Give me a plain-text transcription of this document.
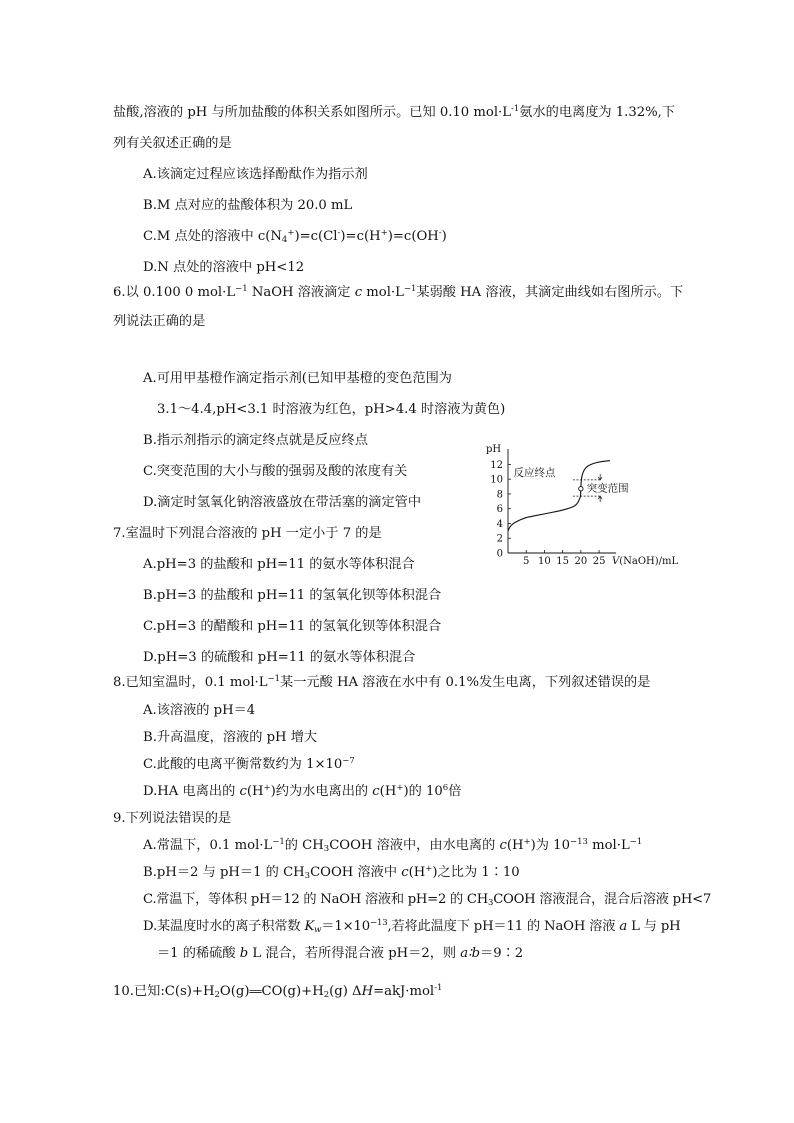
盐酸,溶液的 pH 与所加盐酸的体积关系如图所示。已知 0.10 $mol\cdot L^{-1}$氨水的电离度为 1.32%,下
列有关叙述正确的是
A.该滴定过程应该选择酚酞作为指示剂
B.M 点对应的盐酸体积为 20.0 mL
C.M 点处的溶液中 $c(N_4^+)=c(Cl^-)=c(H^+)=c(OH^-)$
D.N 点处的溶液中 pH<12
6.以 0.100 0 $mol\cdot L^{-1}$ NaOH 溶液滴定 c $mol\cdot L^{-1}$某弱酸 HA 溶液，其滴定曲线如右图所示。下
列说法正确的是
A.可用甲基橙作滴定指示剂(已知甲基橙的变色范围为
3.1～4.4,pH<3.1 时溶液为红色，pH>4.4 时溶液为黄色)
B.指示剂指示的滴定终点就是反应终点
C.突变范围的大小与酸的强弱及酸的浓度有关
D.滴定时氢氧化钠溶液盛放在带活塞的滴定管中
0
2
4
6
8
10
12
5 10 15 20 25
pH
V(NaOH)/mL
反应终点
突变范围
7.室温时下列混合溶液的 pH 一定小于 7 的是
A.pH=3 的盐酸和 pH=11 的氨水等体积混合
B.pH=3 的盐酸和 pH=11 的氢氧化钡等体积混合
C.pH=3 的醋酸和 pH=11 的氢氧化钡等体积混合
D.pH=3 的硫酸和 pH=11 的氨水等体积混合
8.已知室温时，0.1 $mol\cdot L^{-1}$某一元酸 HA 溶液在水中有 0.1%发生电离，下列叙述错误的是
A.该溶液的 pH＝4
B.升高温度，溶液的 pH 增大
C.此酸的电离平衡常数约为 $1\times 10^{-7}$
D.HA 电离出的 c(H+)约为水电离出的 c(H+)的 $10^6$倍
9.下列说法错误的是
A.常温下，0.1 $mol\cdot L^{-1}$的 $CH_3COOH$ 溶液中，由水电离的 c(H+)为 $10^{-13}$ $mol\cdot L^{-1}$
B.pH＝2 与 pH＝1 的 $CH_3COOH$ 溶液中 c(H+)之比为 1∶10
C.常温下，等体积 pH＝12 的 NaOH 溶液和 pH=2 的 $CH_3COOH$ 溶液混合，混合后溶液 pH<7
D.某温度时水的离子积常数 $K_w=1\times 10^{-13}$,若将此温度下 pH＝11 的 NaOH 溶液 a L 与 pH
＝1 的稀硫酸 b L 混合，若所得混合液 pH＝2，则 a∶b＝9∶2
10.已知$:C(s)+H_2O(g)══CO(g)+H_2(g)$ ΔH=akJ·mol$^{-1}$
